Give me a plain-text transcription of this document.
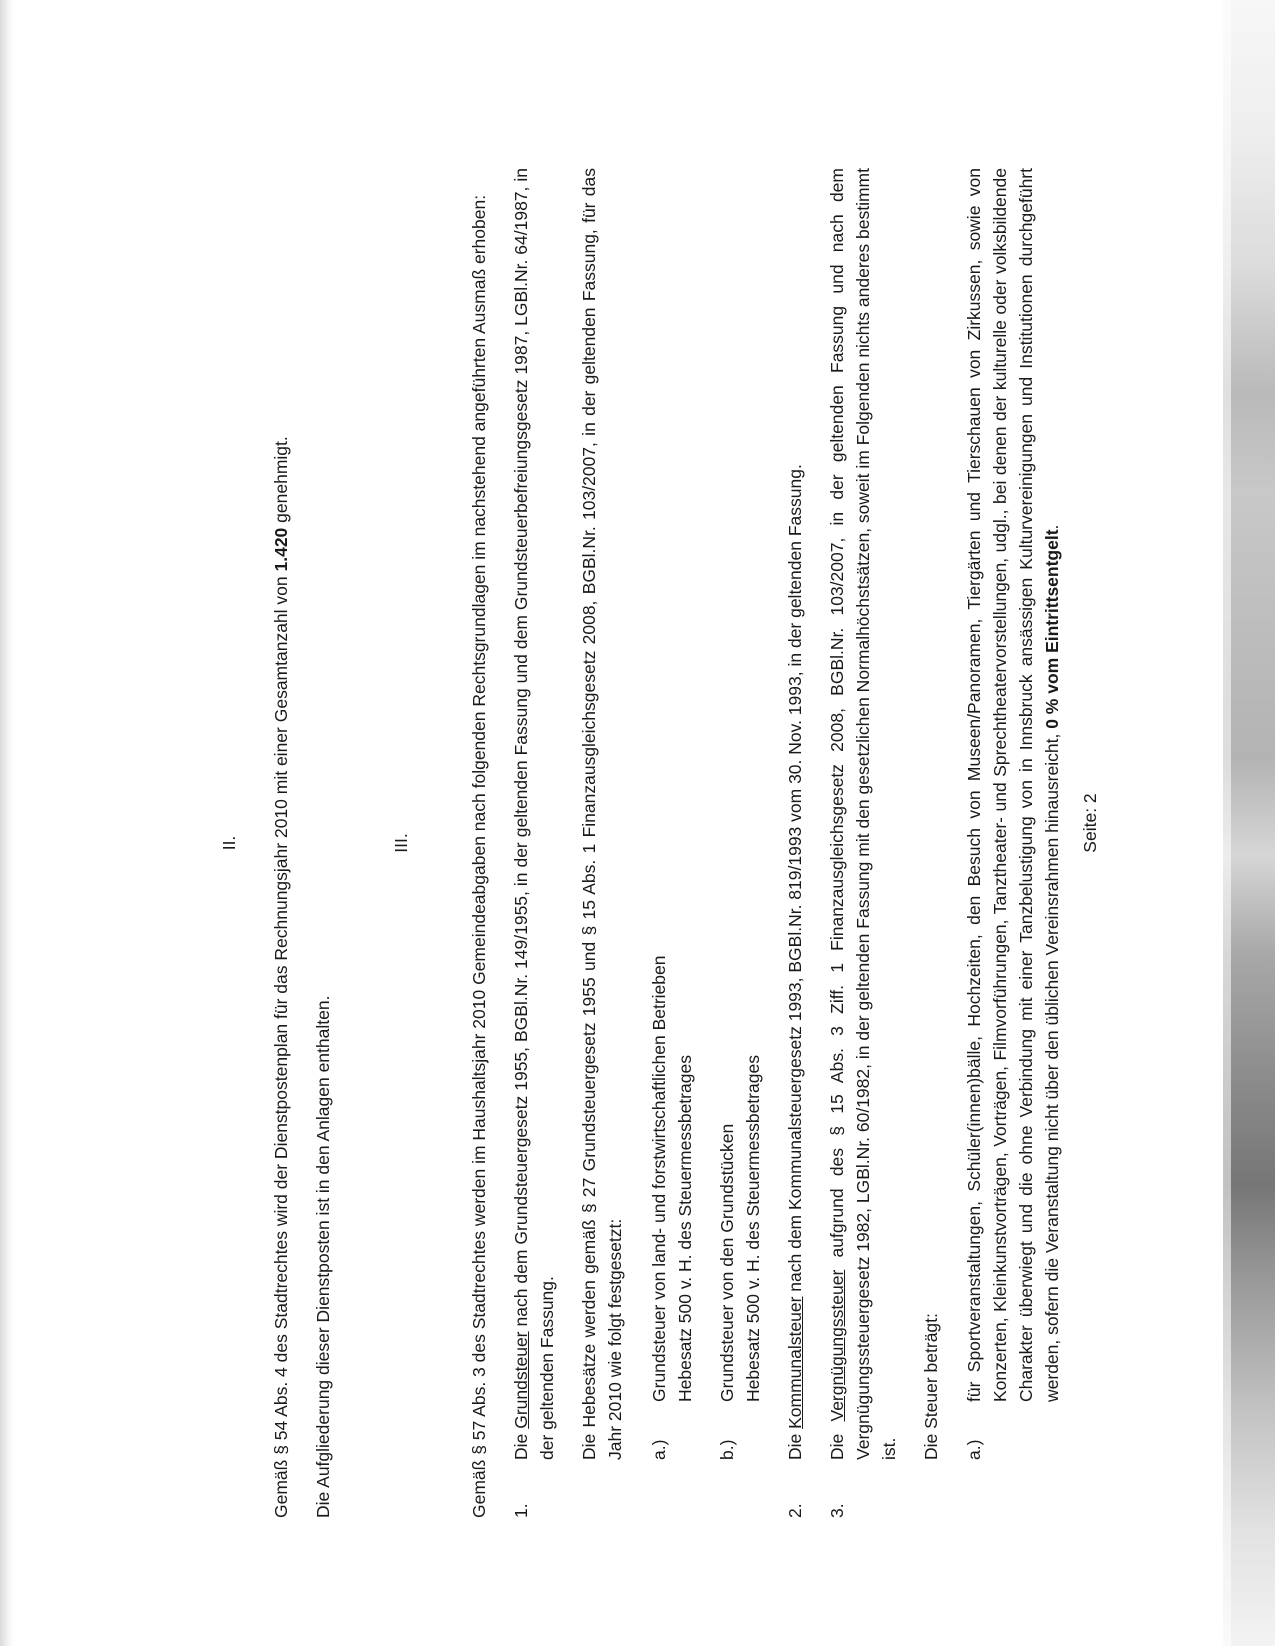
II. Gemäß § 54 Abs. 4 des Stadtrechtes wird der Dienstpostenplan für das Rechnungsjahr 2010 mit einer Gesamtanzahl von 1.420 genehmigt.

Die Aufgliederung dieser Dienstposten ist in den Anlagen enthalten.

III.	Gemäß § 57 Abs. 3 des Stadtrechtes werden im Haushaltsjahr 2010 Gemeindeabgaben nach folgenden Rechtsgrundlagen im nachstehend angeführten Ausmaß erhoben: 1.
Die Grundsteuer nach dem Grundsteuergesetz 1955, BGBl.Nr. 149/1955, in der geltenden Fassung und dem Grundsteuerbefreiungsgesetz 1987, LGBl.Nr. 64/1987, in der geltenden Fassung. Die Hebesätze werden gemäß § 27 Grundsteuergesetz 1955 und § 15 Abs. 1 Finanzausgleichsgesetz 2008, BGBl.Nr. 103/2007, in der geltenden Fassung, für das Jahr 2010 wie folgt festgesetzt: a.)
Grundsteuer von land- und forstwirtschaftlichen Betrieben Hebesatz 500 v. H. des Steuermessbetrages
b.)
Grundsteuer von den Grundstücken Hebesatz 500 v. H. des Steuermessbetrages
2.
Die Kommunalsteuer nach dem Kommunalsteuergesetz 1993, BGBl.Nr. 819/1993 vom 30. Nov. 1993, in der geltenden Fassung.
3.
Die Vergnügungssteuer aufgrund des § 15 Abs. 3 Ziff. 1 Finanzausgleichsgesetz 2008, BGBl.Nr. 103/2007, in der geltenden Fassung und nach dem Vergnügungssteuergesetz 1982, LGBl.Nr. 60/1982, in der geltenden Fassung mit den gesetzlichen Normalhöchstsätzen, soweit im Folgenden nichts anderes bestimmt ist. Die Steuer beträgt: a.)
für Sportveranstaltungen, Schüler(innen)bälle, Hochzeiten, den Besuch von Museen/Panoramen, Tiergärten und Tierschauen von Zirkussen, sowie von Konzerten, Kleinkunstvorträgen, Vorträgen, Filmvorführungen, Tanztheater- und Sprechtheatervorstellungen, udgl., bei denen der kulturelle oder volksbildende Charakter überwiegt und die ohne Verbindung mit einer Tanzbelustigung von in Innsbruck ansässigen Kulturvereinigungen und Institutionen durchgeführt werden, sofern die Veranstaltung nicht über den üblichen Vereinsrahmen hinausreicht, 0 % vom Eintrittsentgelt.
Seite: 2
